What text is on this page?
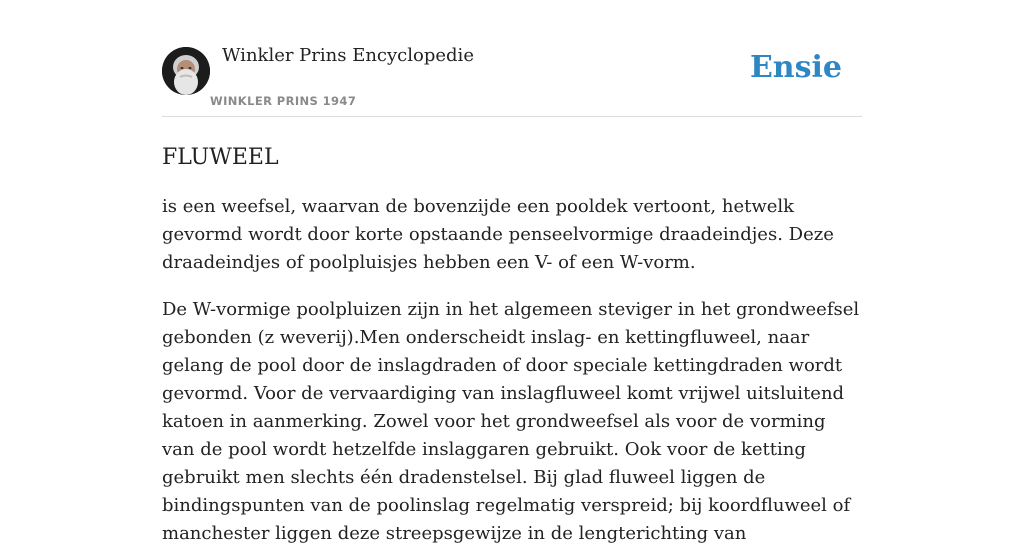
Winkler Prins Encyclopedie
WINKLER PRINS 1947
Ensie
FLUWEEL

is een weefsel, waarvan de bovenzijde een pooldek vertoont, hetwelk gevormd wordt door korte opstaande penseelvormige draadeindjes. Deze draadeindjes of poolpluisjes hebben een V- of een W-vorm.

De W-vormige poolpluizen zijn in het algemeen steviger in het grondweefsel gebonden (z weverij).Men onderscheidt inslag- en kettingfluweel, naar gelang de pool door de inslagdraden of door speciale kettingdraden wordt gevormd. Voor de vervaardiging van inslagfluweel komt vrijwel uitsluitend katoen in aanmerking. Zowel voor het grondweefsel als voor de vorming van de pool wordt hetzelfde inslaggaren gebruikt. Ook voor de ketting gebruikt men slechts één dradenstelsel. Bij glad fluweel liggen de bindingspunten van de poolinslag regelmatig verspreid; bij koordfluweel of manchester liggen deze streepsgewijze in de lengterichting van
